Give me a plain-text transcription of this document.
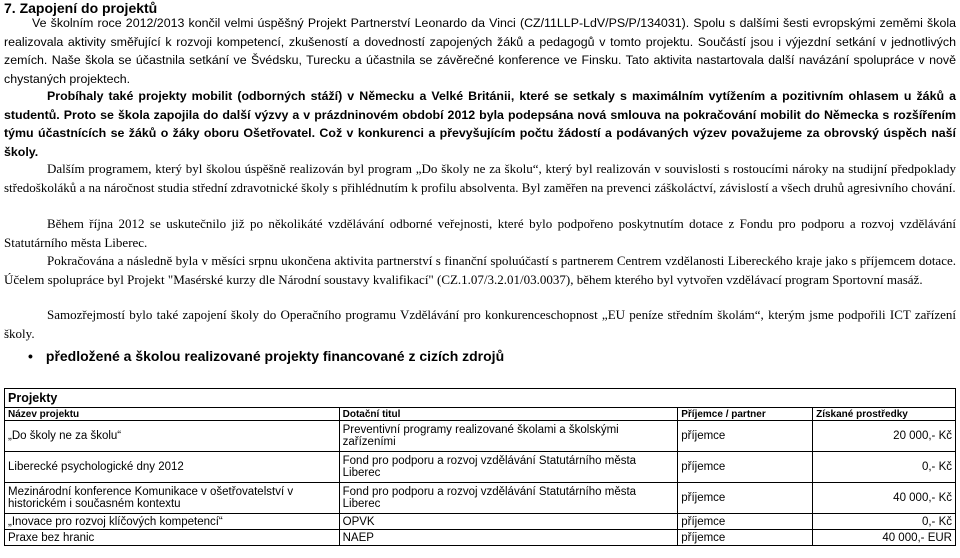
7. Zapojení do projektů
Ve školním roce 2012/2013 končil velmi úspěšný Projekt Partnerství Leonardo da Vinci (CZ/11LLP-LdV/PS/P/134031). Spolu s dalšími šesti evropskými zeměmi škola realizovala aktivity směřující k rozvoji kompetencí, zkušeností a dovedností zapojených žáků a pedagogů v tomto projektu. Součástí jsou i výjezdní setkání v jednotlivých zemích. Naše škola se účastnila setkání ve Švédsku, Turecku a účastnila se závěrečné konference ve Finsku. Tato aktivita nastartovala další navázání spolupráce v nově chystaných projektech.
Probíhaly také projekty mobilit (odborných stáží) v Německu a Velké Británii, které se setkaly s maximálním vytížením a pozitivním ohlasem u žáků a studentů. Proto se škola zapojila do další výzvy a v prázdninovém období 2012 byla podepsána nová smlouva na pokračování mobilit do Německa s rozšířením týmu účastnících se žáků o žáky oboru Ošetřovatel. Což v konkurenci a převyšujícím počtu žádostí a podávaných výzev považujeme za obrovský úspěch naší školy.
Dalším programem, který byl školou úspěšně realizován byl program „Do školy ne za školu“, který byl realizován v souvislosti s rostoucími nároky na studijní předpoklady středoškoláků a na náročnost studia střední zdravotnické školy s přihlédnutím k profilu absolventa. Byl zaměřen na prevenci záškoláctví, závislostí a všech druhů agresivního chování.
Během října 2012 se uskutečnilo již po několikáté vzdělávání odborné veřejnosti, které bylo podpořeno poskytnutím dotace z Fondu pro podporu a rozvoj vzdělávání Statutárního města Liberec.
Pokračována a následně byla v měsíci srpnu ukončena aktivita partnerství s finanční spoluúčastí s partnerem Centrem vzdělanosti Libereckého kraje jako s příjemcem dotace. Účelem spolupráce byl Projekt "Masérské kurzy dle Národní soustavy kvalifikací" (CZ.1.07/3.2.01/03.0037), během kterého byl vytvořen vzdělávací program Sportovní masáž.
Samozřejmostí bylo také zapojení školy do Operačního programu Vzdělávání pro konkurenceschopnost „EU peníze středním školám“, kterým jsme podpořili ICT zařízení školy.
• předložené a školou realizované projekty financované z cizích zdrojů
Projekty			
Název projektu	Dotační titul	Příjemce / partner	Získané prostředky
„Do školy ne za školu“	Preventivní programy realizované školami a školskými zařízeními	příjemce	20 000,- Kč
Liberecké psychologické dny 2012	Fond pro podporu a rozvoj vzdělávání Statutárního města Liberec	příjemce	0,- Kč
Mezinárodní konference Komunikace v ošetřovatelství v historickém i současném kontextu	Fond pro podporu a rozvoj vzdělávání Statutárního města Liberec	příjemce	40 000,- Kč
„Inovace pro rozvoj klíčových kompetencí“	OPVK	příjemce	0,- Kč
Praxe bez hranic	NAEP	příjemce	40 000,- EUR
